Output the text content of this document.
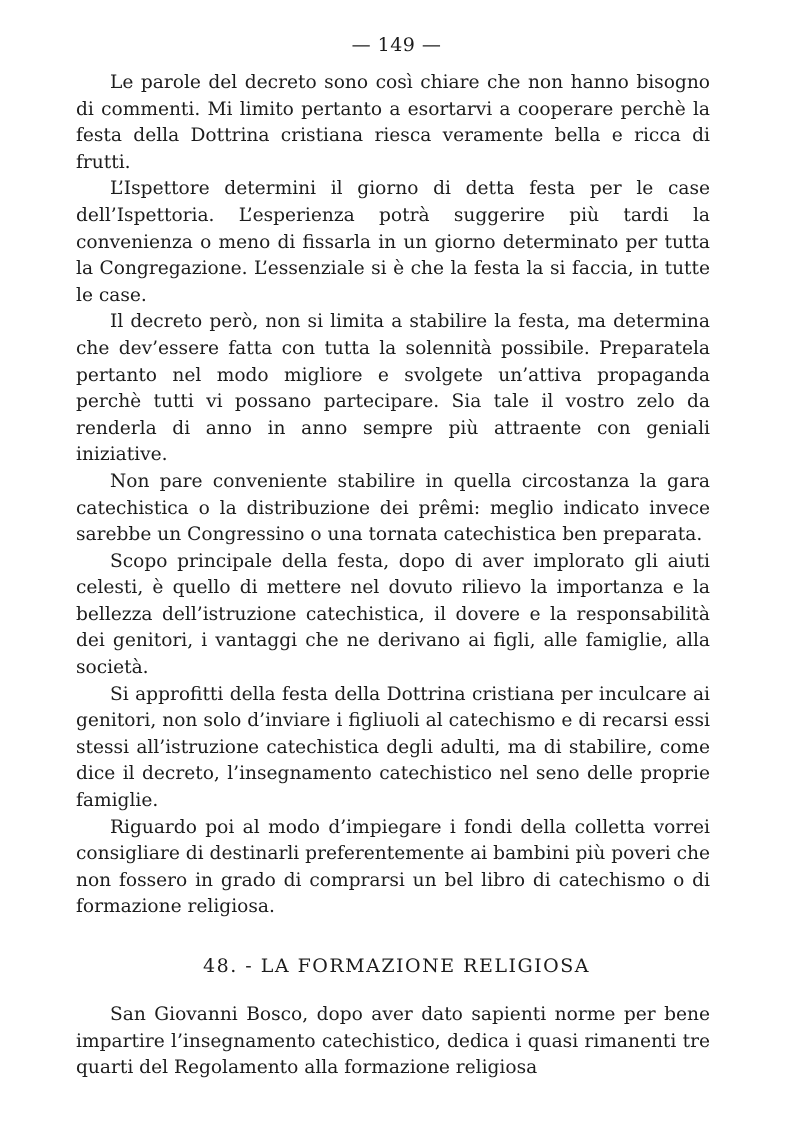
— 149 —

Le parole del decreto sono così chiare che non hanno bisogno di commenti. Mi limito pertanto a esortarvi a cooperare perchè la festa della Dottrina cristiana riesca veramente bella e ricca di frutti.

L’Ispettore determini il giorno di detta festa per le case dell’Ispettoria. L’esperienza potrà suggerire più tardi la convenienza o meno di fissarla in un giorno determinato per tutta la Congregazione. L’essenziale si è che la festa la si faccia, in tutte le case.

Il decreto però, non si limita a stabilire la festa, ma determina che dev’essere fatta con tutta la solennità possibile. Preparatela pertanto nel modo migliore e svolgete un’attiva propaganda perchè tutti vi possano partecipare. Sia tale il vostro zelo da renderla di anno in anno sempre più attraente con geniali iniziative.

Non pare conveniente stabilire in quella circostanza la gara catechistica o la distribuzione dei prêmi: meglio indicato invece sarebbe un Congressino o una tornata catechistica ben preparata.

Scopo principale della festa, dopo di aver implorato gli aiuti celesti, è quello di mettere nel dovuto rilievo la importanza e la bellezza dell’istruzione catechistica, il dovere e la responsabilità dei genitori, i vantaggi che ne derivano ai figli, alle famiglie, alla società.

Si approfitti della festa della Dottrina cristiana per inculcare ai genitori, non solo d’inviare i figliuoli al catechismo e di recarsi essi stessi all’istruzione catechistica degli adulti, ma di stabilire, come dice il decreto, l’insegnamento catechistico nel seno delle proprie famiglie.

Riguardo poi al modo d’impiegare i fondi della colletta vorrei consigliare di destinarli preferentemente ai bambini più poveri che non fossero in grado di comprarsi un bel libro di catechismo o di formazione religiosa.

48. - LA FORMAZIONE RELIGIOSA

San Giovanni Bosco, dopo aver dato sapienti norme per bene impartire l’insegnamento catechistico, dedica i quasi rimanenti tre quarti del Regolamento alla formazione religiosa
